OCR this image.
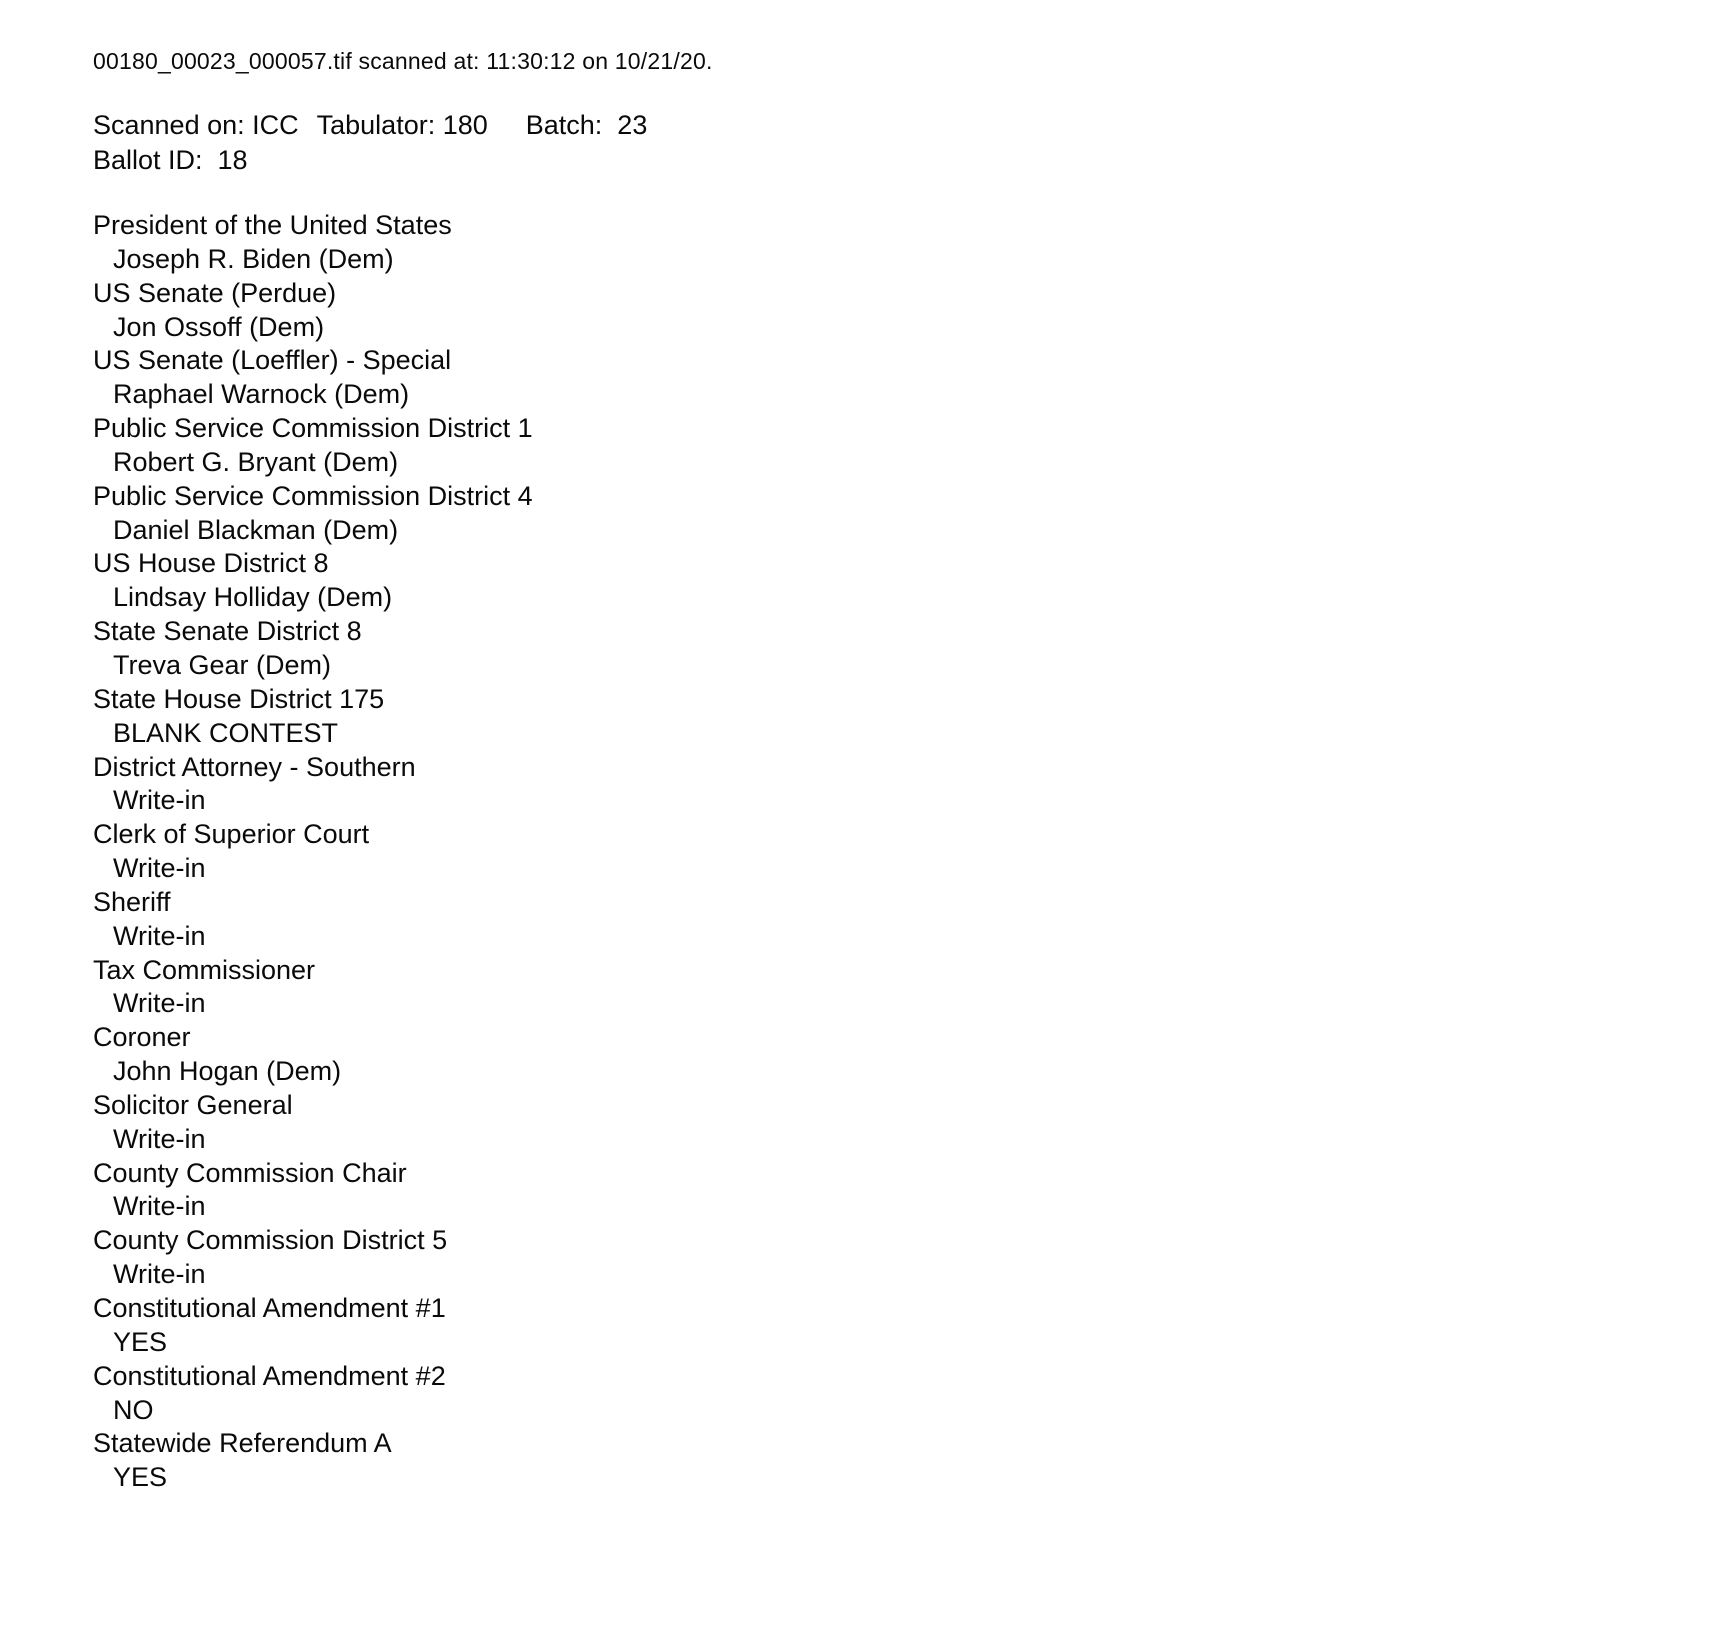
00180_00023_000057.tif scanned at: 11:30:12 on 10/21/20.
Scanned on: ICC Tabulator: 180 Batch:  23
Ballot ID:  18
President of the United States
Joseph R. Biden (Dem)
US Senate (Perdue)
Jon Ossoff (Dem)
US Senate (Loeffler) - Special
Raphael Warnock (Dem)
Public Service Commission District 1
Robert G. Bryant (Dem)
Public Service Commission District 4
Daniel Blackman (Dem)
US House District 8
Lindsay Holliday (Dem)
State Senate District 8
Treva Gear (Dem)
State House District 175
BLANK CONTEST
District Attorney - Southern
Write-in
Clerk of Superior Court
Write-in
Sheriff
Write-in
Tax Commissioner
Write-in
Coroner
John Hogan (Dem)
Solicitor General
Write-in
County Commission Chair
Write-in
County Commission District 5
Write-in
Constitutional Amendment #1
YES
Constitutional Amendment #2
NO
Statewide Referendum A
YES
